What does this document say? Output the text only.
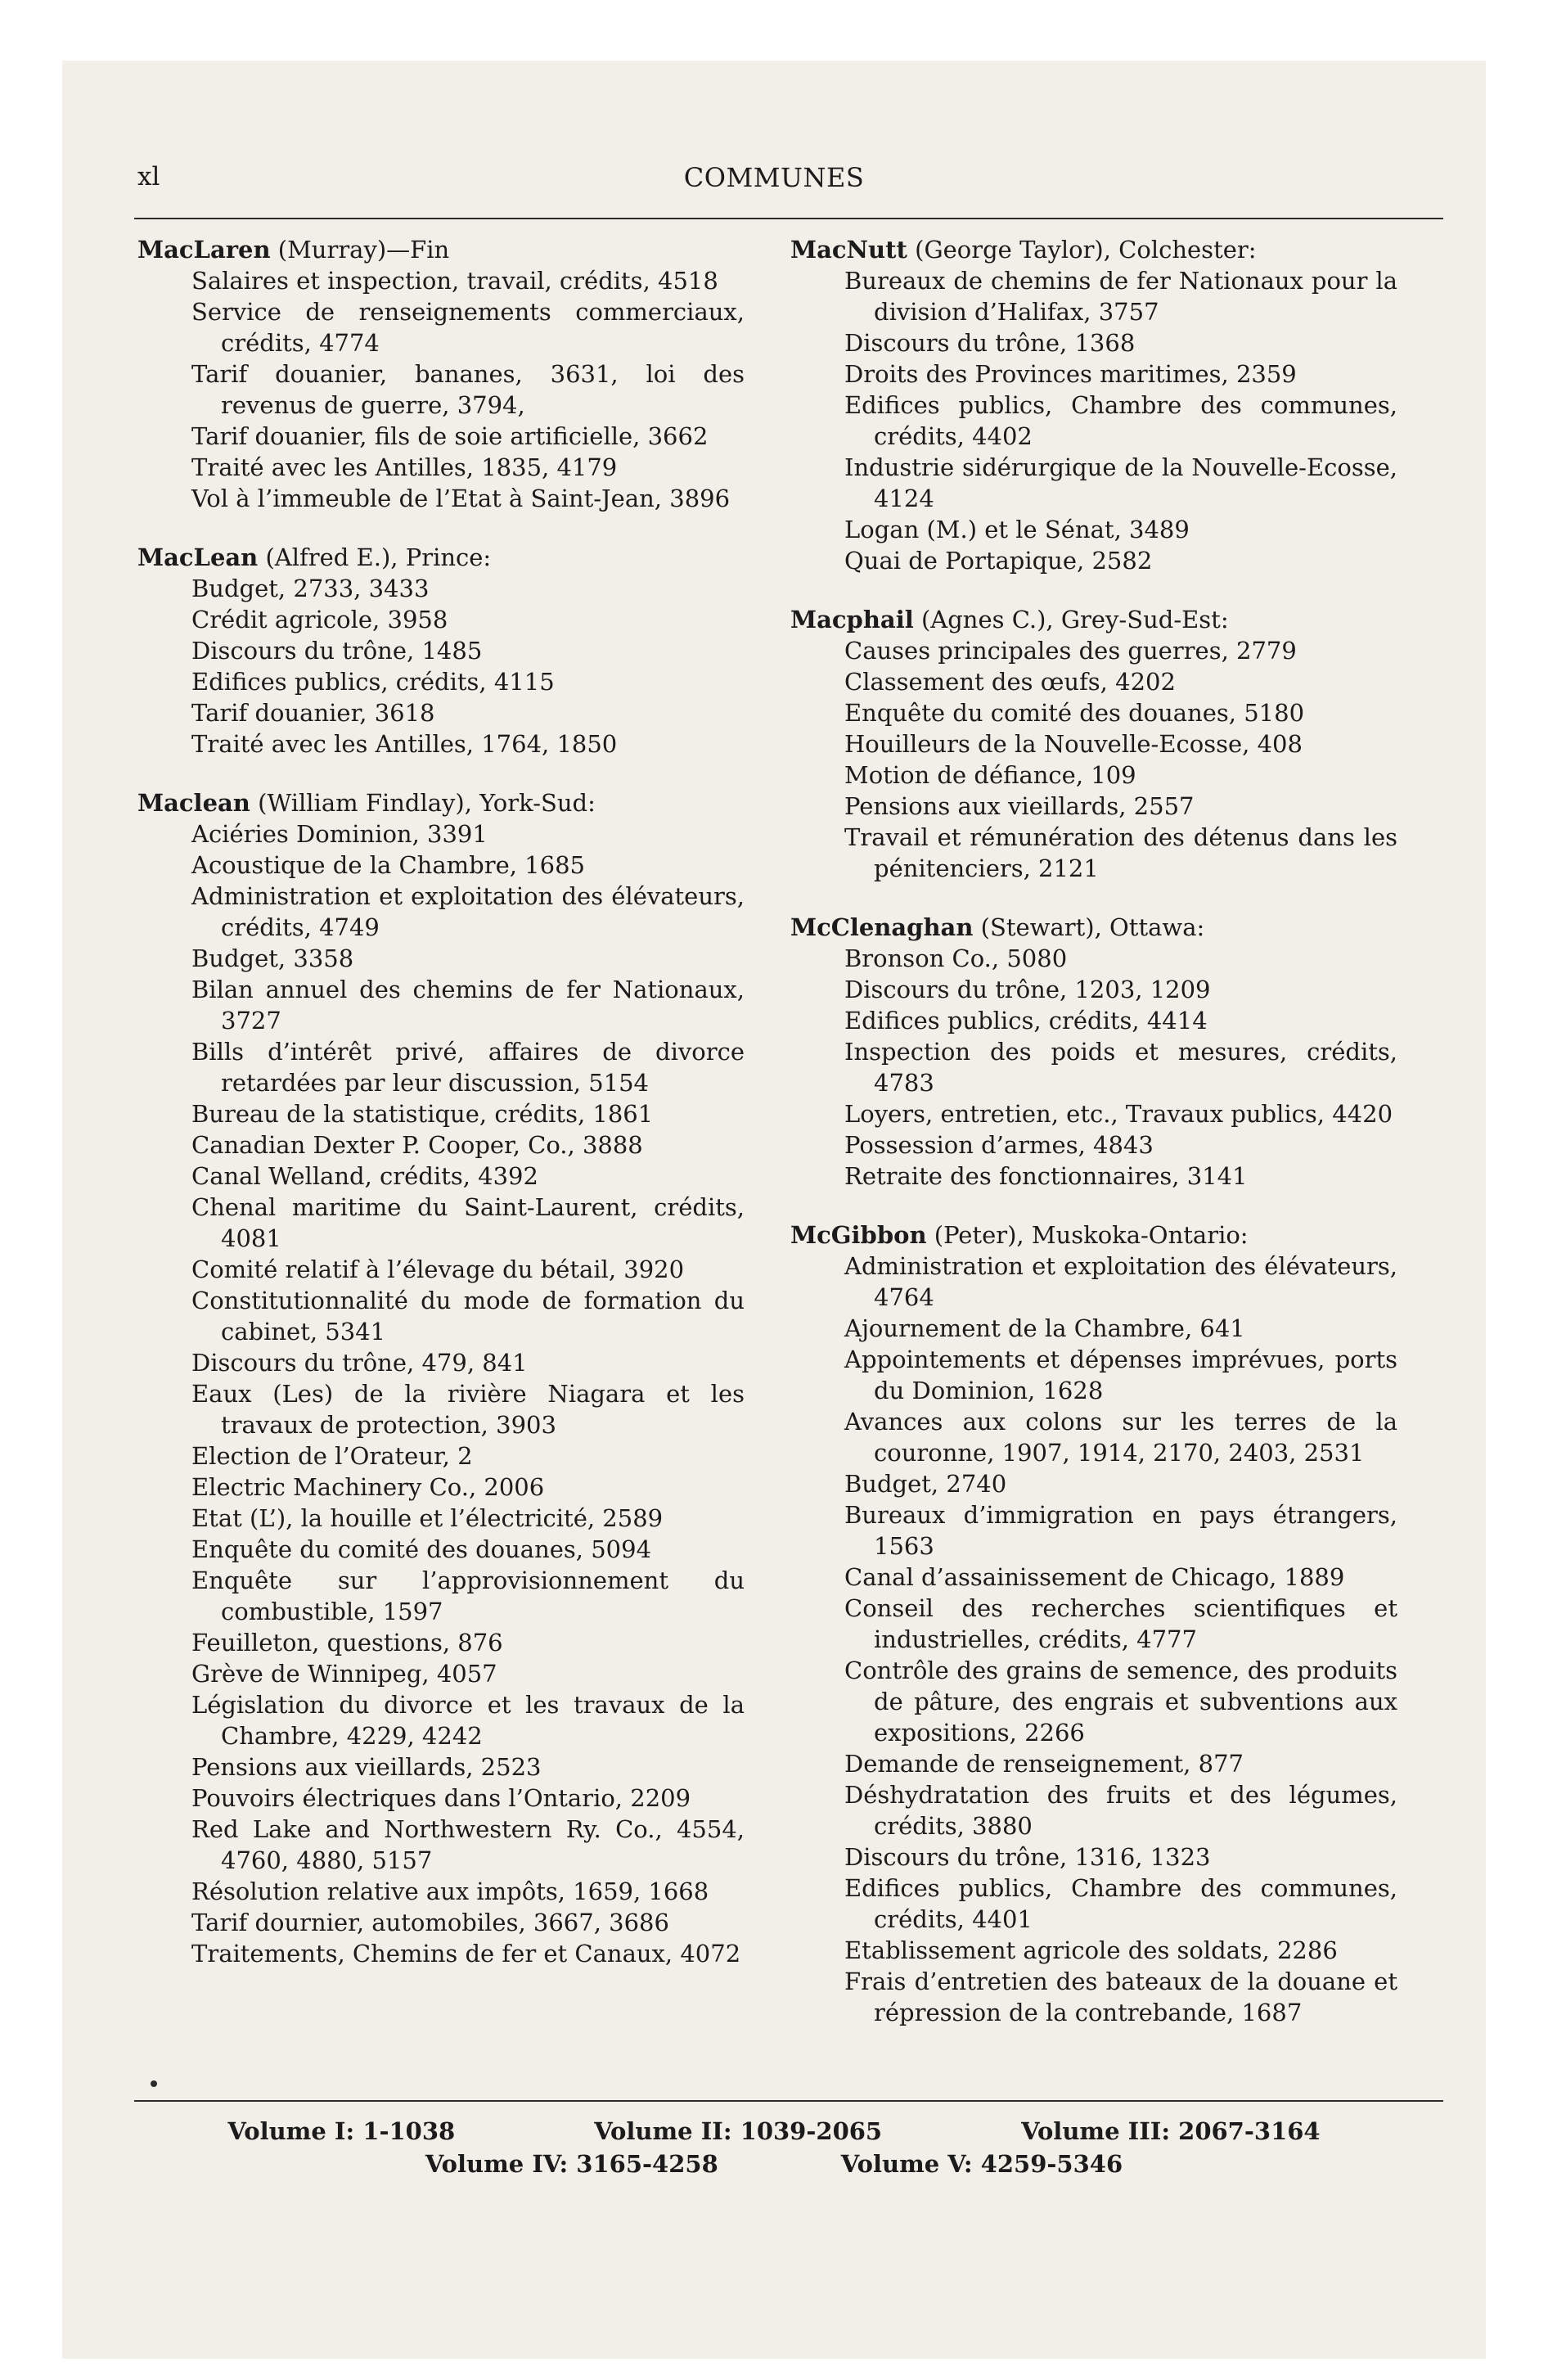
xl	COMMUNES
MacLaren (Murray)—Fin
Salaires et inspection, travail, crédits, 4518
Service de renseignements commerciaux, crédits, 4774
Tarif douanier, bananes, 3631, loi des revenus de guerre, 3794,
Tarif douanier, fils de soie artificielle, 3662
Traité avec les Antilles, 1835, 4179
Vol à l’immeuble de l’Etat à Saint-Jean, 3896
MacLean (Alfred E.), Prince:
Budget, 2733, 3433
Crédit agricole, 3958
Discours du trône, 1485
Edifices publics, crédits, 4115
Tarif douanier, 3618
Traité avec les Antilles, 1764, 1850
Maclean (William Findlay), York-Sud:
Aciéries Dominion, 3391
Acoustique de la Chambre, 1685
Administration et exploitation des élévateurs, crédits, 4749
Budget, 3358
Bilan annuel des chemins de fer Nationaux, 3727
Bills d’intérêt privé, affaires de divorce retardées par leur discussion, 5154
Bureau de la statistique, crédits, 1861
Canadian Dexter P. Cooper, Co., 3888
Canal Welland, crédits, 4392
Chenal maritime du Saint-Laurent, crédits, 4081
Comité relatif à l’élevage du bétail, 3920
Constitutionnalité du mode de formation du cabinet, 5341
Discours du trône, 479, 841
Eaux (Les) de la rivière Niagara et les travaux de protection, 3903
Election de l’Orateur, 2
Electric Machinery Co., 2006
Etat (L’), la houille et l’électricité, 2589
Enquête du comité des douanes, 5094
Enquête sur l’approvisionnement du combustible, 1597
Feuilleton, questions, 876
Grève de Winnipeg, 4057
Législation du divorce et les travaux de la Chambre, 4229, 4242
Pensions aux vieillards, 2523
Pouvoirs électriques dans l’Ontario, 2209
Red Lake and Northwestern Ry. Co., 4554, 4760, 4880, 5157
Résolution relative aux impôts, 1659, 1668
Tarif dournier, automobiles, 3667, 3686
Traitements, Chemins de fer et Canaux, 4072
MacNutt (George Taylor), Colchester:
Bureaux de chemins de fer Nationaux pour la division d’Halifax, 3757
Discours du trône, 1368
Droits des Provinces maritimes, 2359
Edifices publics, Chambre des communes, crédits, 4402
Industrie sidérurgique de la Nouvelle-Ecosse, 4124
Logan (M.) et le Sénat, 3489
Quai de Portapique, 2582
Macphail (Agnes C.), Grey-Sud-Est:
Causes principales des guerres, 2779
Classement des œufs, 4202
Enquête du comité des douanes, 5180
Houilleurs de la Nouvelle-Ecosse, 408
Motion de défiance, 109
Pensions aux vieillards, 2557
Travail et rémunération des détenus dans les pénitenciers, 2121
McClenaghan (Stewart), Ottawa:
Bronson Co., 5080
Discours du trône, 1203, 1209
Edifices publics, crédits, 4414
Inspection des poids et mesures, crédits, 4783
Loyers, entretien, etc., Travaux publics, 4420
Possession d’armes, 4843
Retraite des fonctionnaires, 3141
McGibbon (Peter), Muskoka-Ontario:
Administration et exploitation des élévateurs, 4764
Ajournement de la Chambre, 641
Appointements et dépenses imprévues, ports du Dominion, 1628
Avances aux colons sur les terres de la couronne, 1907, 1914, 2170, 2403, 2531
Budget, 2740
Bureaux d’immigration en pays étrangers, 1563
Canal d’assainissement de Chicago, 1889
Conseil des recherches scientifiques et industrielles, crédits, 4777
Contrôle des grains de semence, des produits de pâture, des engrais et subventions aux expositions, 2266
Demande de renseignement, 877
Déshydratation des fruits et des légumes, crédits, 3880
Discours du trône, 1316, 1323
Edifices publics, Chambre des communes, crédits, 4401
Etablissement agricole des soldats, 2286
Frais d’entretien des bateaux de la douane et répression de la contrebande, 1687
Volume I: 1-1038	Volume II: 1039-2065	Volume III: 2067-3164
Volume IV: 3165-4258	Volume V: 4259-5346
